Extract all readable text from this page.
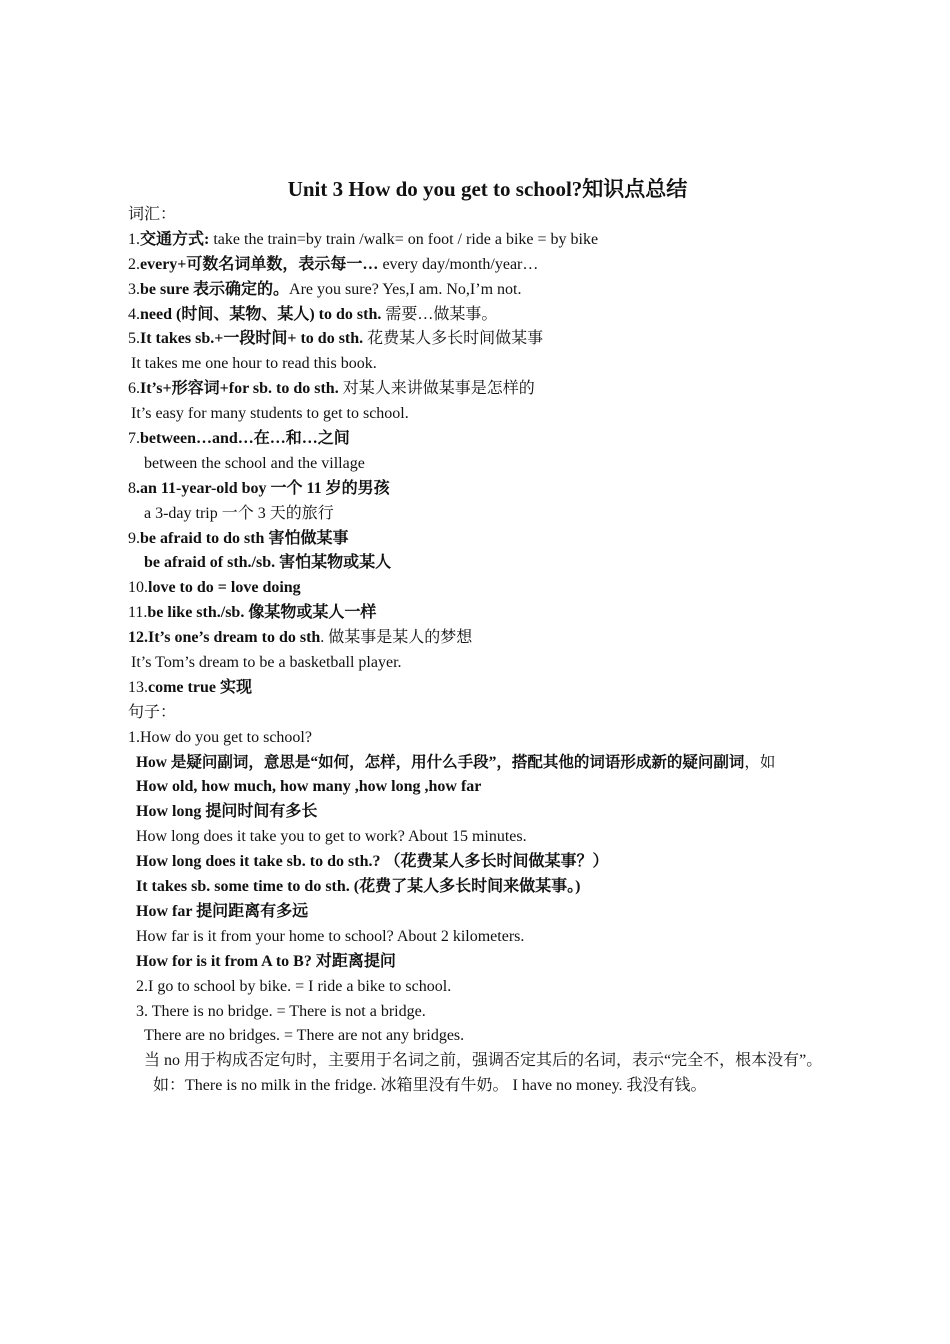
Unit 3 How do you get to school?知识点总结
词汇：
1.交通方式: take the train=by train /walk= on foot / ride a bike = by bike
2.every+可数名词单数，表示每一… every day/month/year…
3.be sure 表示确定的。Are you sure? Yes,I am. No,I’m not.
4.need (时间、某物、某人) to do sth. 需要…做某事。
5.It takes sb.+一段时间+ to do sth. 花费某人多长时间做某事
It takes me one hour to read this book.
6.It’s+形容词+for sb. to do sth. 对某人来讲做某事是怎样的
It’s easy for many students to get to school.
7.between…and…在…和…之间
between the school and the village
8.an 11-year-old boy 一个 11 岁的男孩
a 3-day trip 一个 3 天的旅行
9.be afraid to do sth 害怕做某事
be afraid of sth./sb. 害怕某物或某人
10.love to do = love doing
11.be like sth./sb. 像某物或某人一样
12.It’s one’s dream to do sth. 做某事是某人的梦想
It’s Tom’s dream to be a basketball player.
13.come true 实现
句子：
1.How do you get to school?
How 是疑问副词，意思是“如何，怎样，用什么手段”，搭配其他的词语形成新的疑问副词，如
How old, how much, how many ,how long ,how far
How long 提问时间有多长
How long does it take you to get to work? About 15 minutes.
How long does it take sb. to do sth.? （花费某人多长时间做某事？）
It takes sb. some time to do sth. (花费了某人多长时间来做某事。)
How far 提问距离有多远
How far is it from your home to school? About 2 kilometers.
How for is it from A to B? 对距离提问
2.I go to school by bike. = I ride a bike to school.
3. There is no bridge. = There is not a bridge.
There are no bridges. = There are not any bridges.
当 no 用于构成否定句时，主要用于名词之前，强调否定其后的名词，表示“完全不，根本没有”。
如：There is no milk in the fridge. 冰箱里没有牛奶。 I have no money. 我没有钱。
